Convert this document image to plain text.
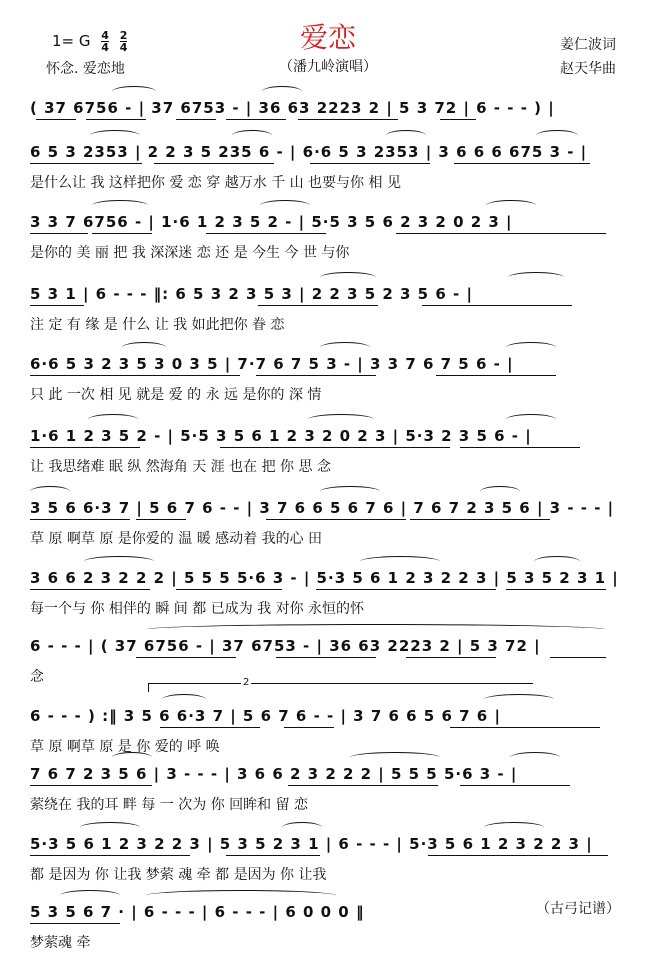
爱恋
（潘九岭演唱）
1= G $\frac{4}{4}$
$\frac{2}{4}$	姜仁波词
怀念. 爱恋地	赵天华曲
( 37 6756 - | 37 6753 - | 36 63 2223 2 | 5 3 72 | 6 - - - ) |
6 5 3 2353 | 2 2 3 5 235 6 - | 6·6 5 3 2353 | 3 6 6 6 675 3 - |
是什么让 我 这样把你 爱 恋 穿 越万水 千 山 也要与你 相 见
3 3 7 6756 - | 1·6 1 2 3 5 2 - | 5·5 3 5 6 2 3 2 0 2 3 |
是你的 美 丽 把 我 深深迷 恋 还 是 今生 今 世 与你
5 3 1 | 6 - - - ‖: 6 5 3 2 3 5 3 | 2 2 3 5 2 3 5 6 - |
注 定 有 缘 是 什么 让 我 如此把你 眷 恋
6·6 5 3 2 3 5 3 0 3 5 | 7·7 6 7 5 3 - | 3 3 7 6 7 5 6 - |
只 此 一次 相 见 就是 爱 的 永 远 是你的 深 情
1·6 1 2 3 5 2 - | 5·5 3 5 6 1 2 3 2 0 2 3 | 5·3 2 3 5 6 - |
让 我思绪难 眠 纵 然海角 天 涯 也在 把 你 思 念
3 5 6 6·3 7 | 5 6 7 6 - - | 3 7 6 6 5 6 7 6 | 7 6 7 2 3 5 6 | 3 - - - |
草 原 啊草 原 是你爱的 温 暖 感动着 我的心 田
3 6 6 2 3 2 2 2 | 5 5 5 5·6 3 - | 5·3 5 6 1 2 3 2 2 3 | 5 3 5 2 3 1 |
每一个与 你 相伴的 瞬 间 都 已成为 我 对你 永恒的怀
6 - - - | ( 37 6756 - | 37 6753 - | 36 63 2223 2 | 5 3 72 |
念	2
6 - - - ) :‖ 3 5 6 6·3 7 | 5 6 7 6 - - | 3 7 6 6 5 6 7 6 |
草 原 啊草 原 是 你 爱的 呼 唤
7 6 7 2 3 5 6 | 3 - - - | 3 6 6 2 3 2 2 2 | 5 5 5 5·6 3 - |
萦绕在 我的耳 畔 每 一 次为 你 回眸和 留 恋
5·3 5 6 1 2 3 2 2 3 | 5 3 5 2 3 1 | 6 - - - | 5·3 5 6 1 2 3 2 2 3 |
都 是因为 你 让我 梦萦 魂 牵 都 是因为 你 让我
5 3 5 6 7 · | 6 - - - | 6 - - - | 6 0 0 0 ‖
梦萦魂 牵
（古弓记谱）
